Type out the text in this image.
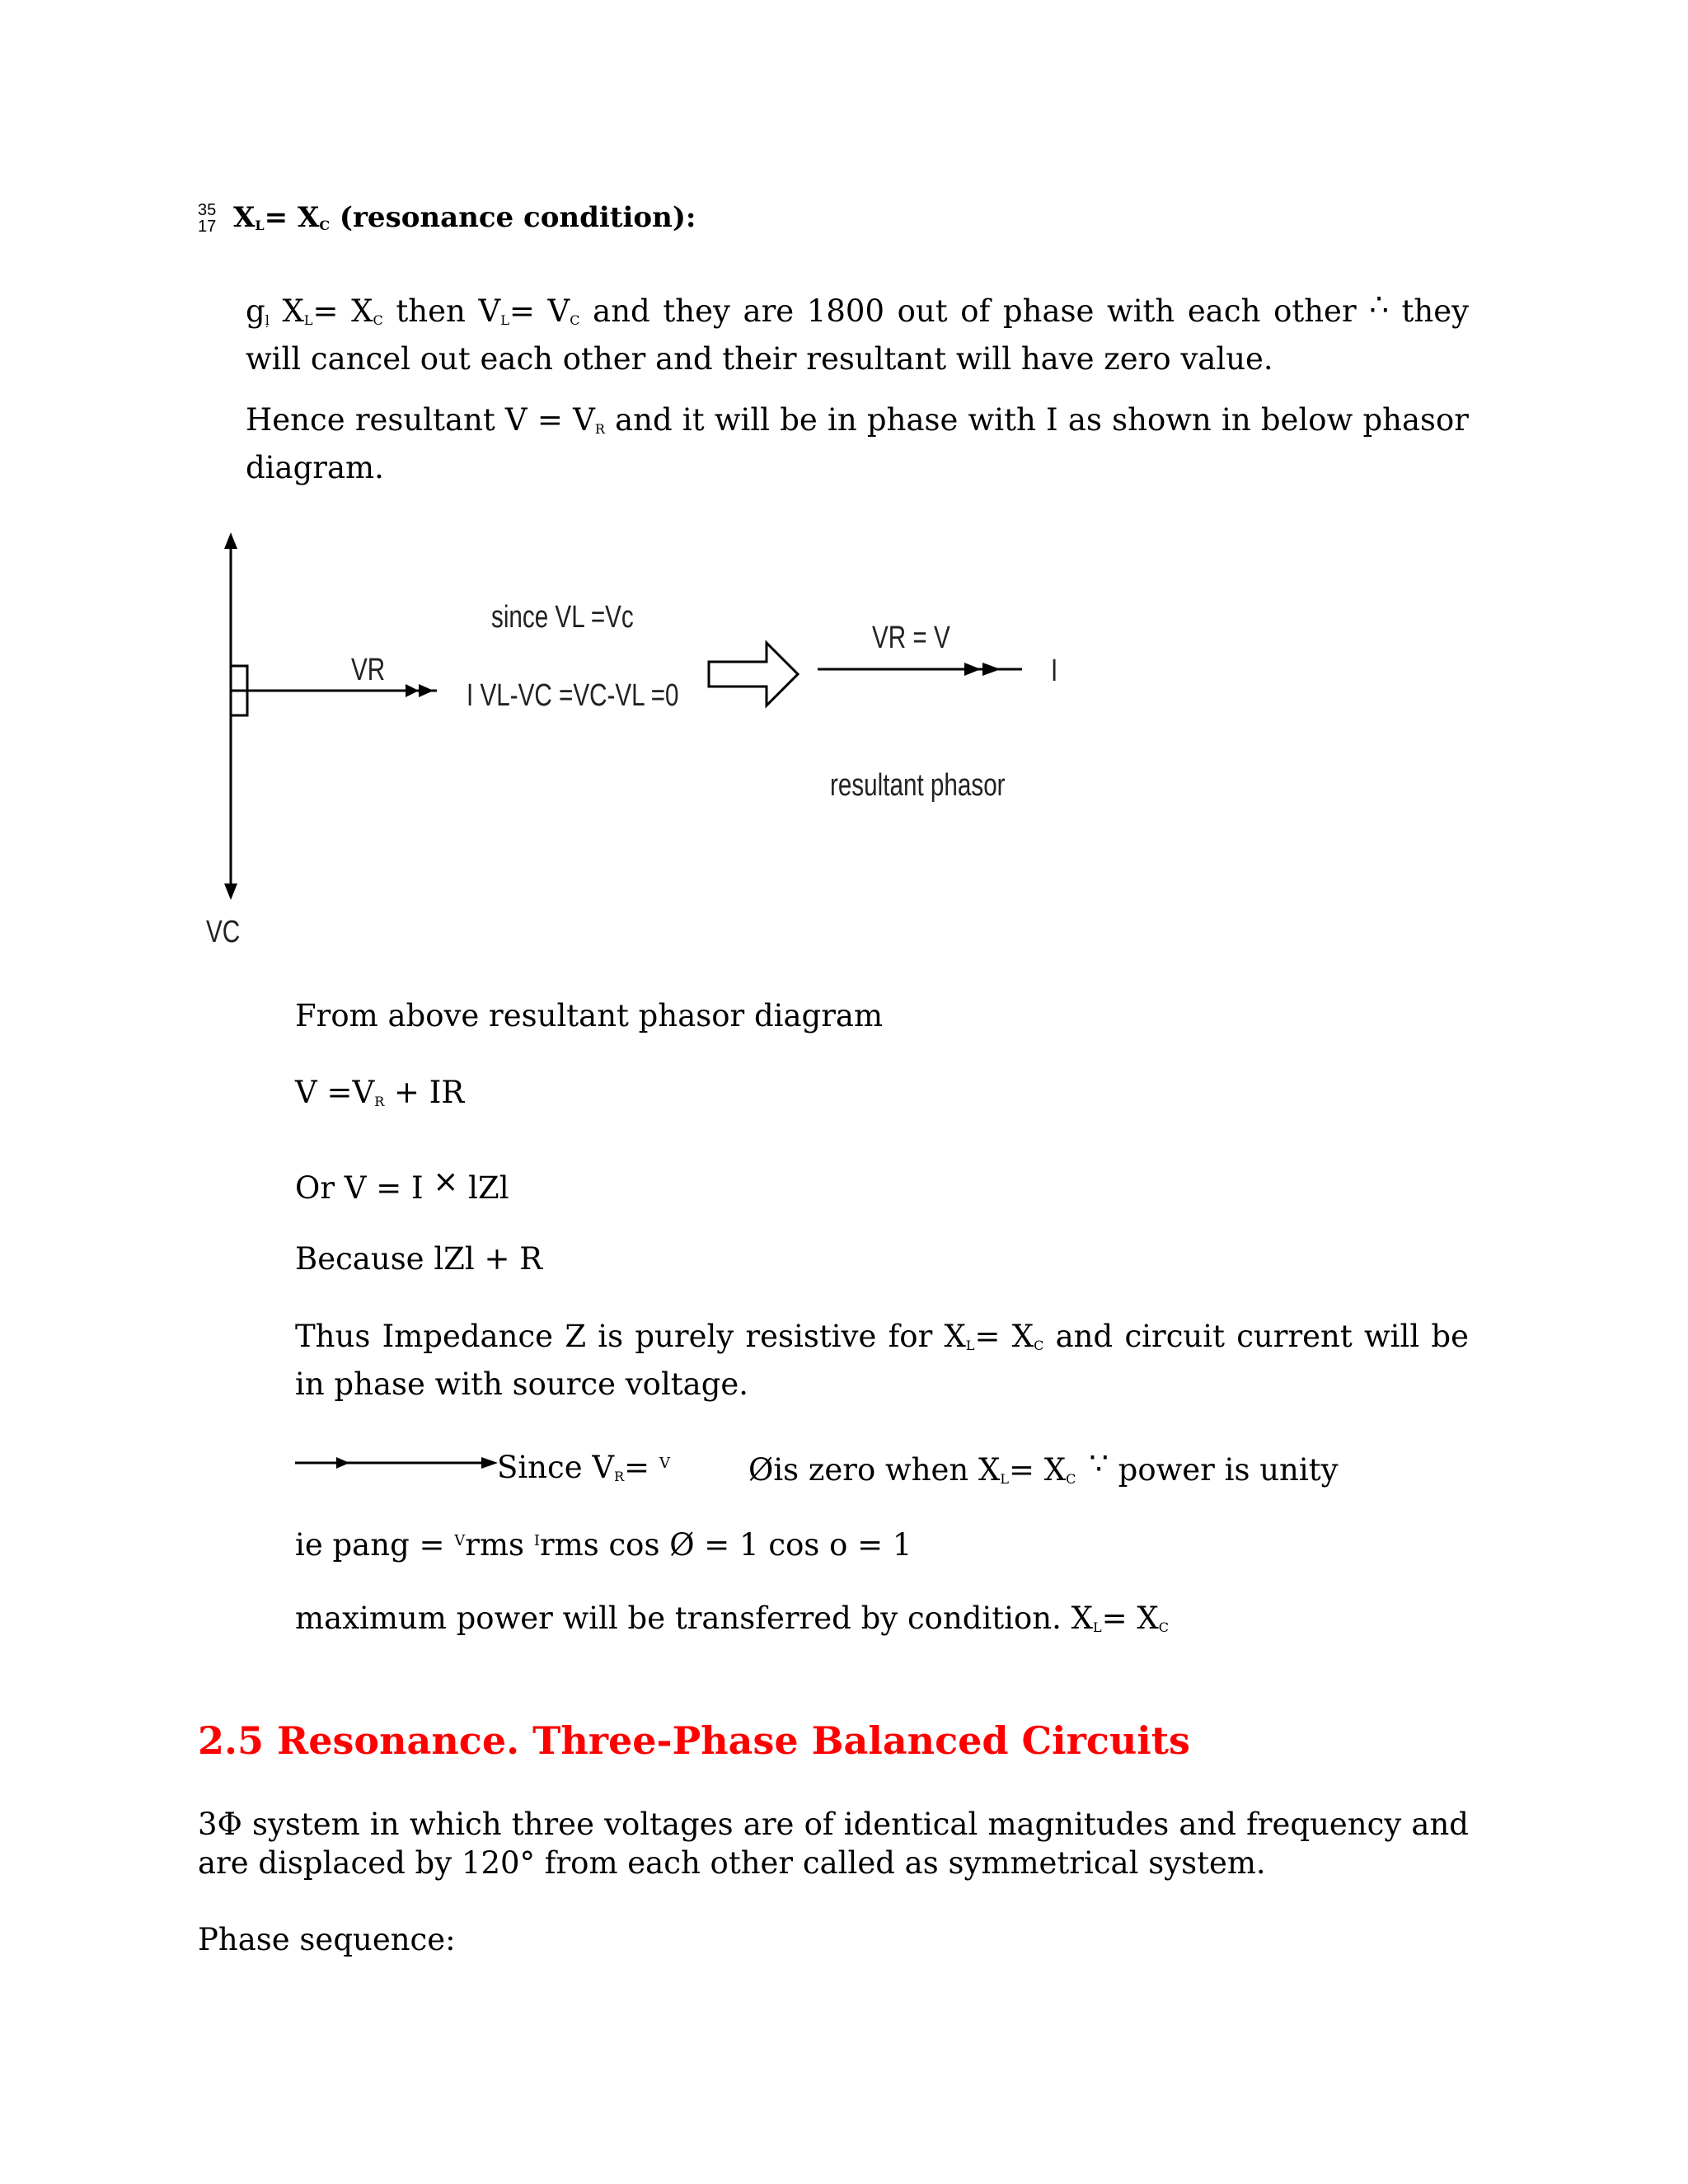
35
17 XL= XC (resonance condition):
gļ XL= XC then VL= VC and they are 1800 out of phase with each other ∴ they will cancel out each other and their resultant will have zero value.
Hence resultant V = VR and it will be in phase with I as shown in below phasor diagram.
VC
VR
since VL =Vc
I VL-VC =VC-VL =0
VR = V
I
resultant phasor
From above resultant phasor diagram
V =VR + IR
Or V = I × lZl
Because lZl + R
Thus Impedance Z is purely resistive for XL= XC and circuit current will be in phase with source voltage.
Since VR= $^V$	Øis zero when XL= XC ∵ power is unity
ie pang = $^V$rms $^I$rms cos Ø = 1 cos o = 1
maximum power will be transferred by condition. XL= XC
2.5 Resonance. Three-Phase Balanced Circuits
3Φ system in which three voltages are of identical magnitudes and frequency and are displaced by 120° from each other called as symmetrical system.
Phase sequence:
